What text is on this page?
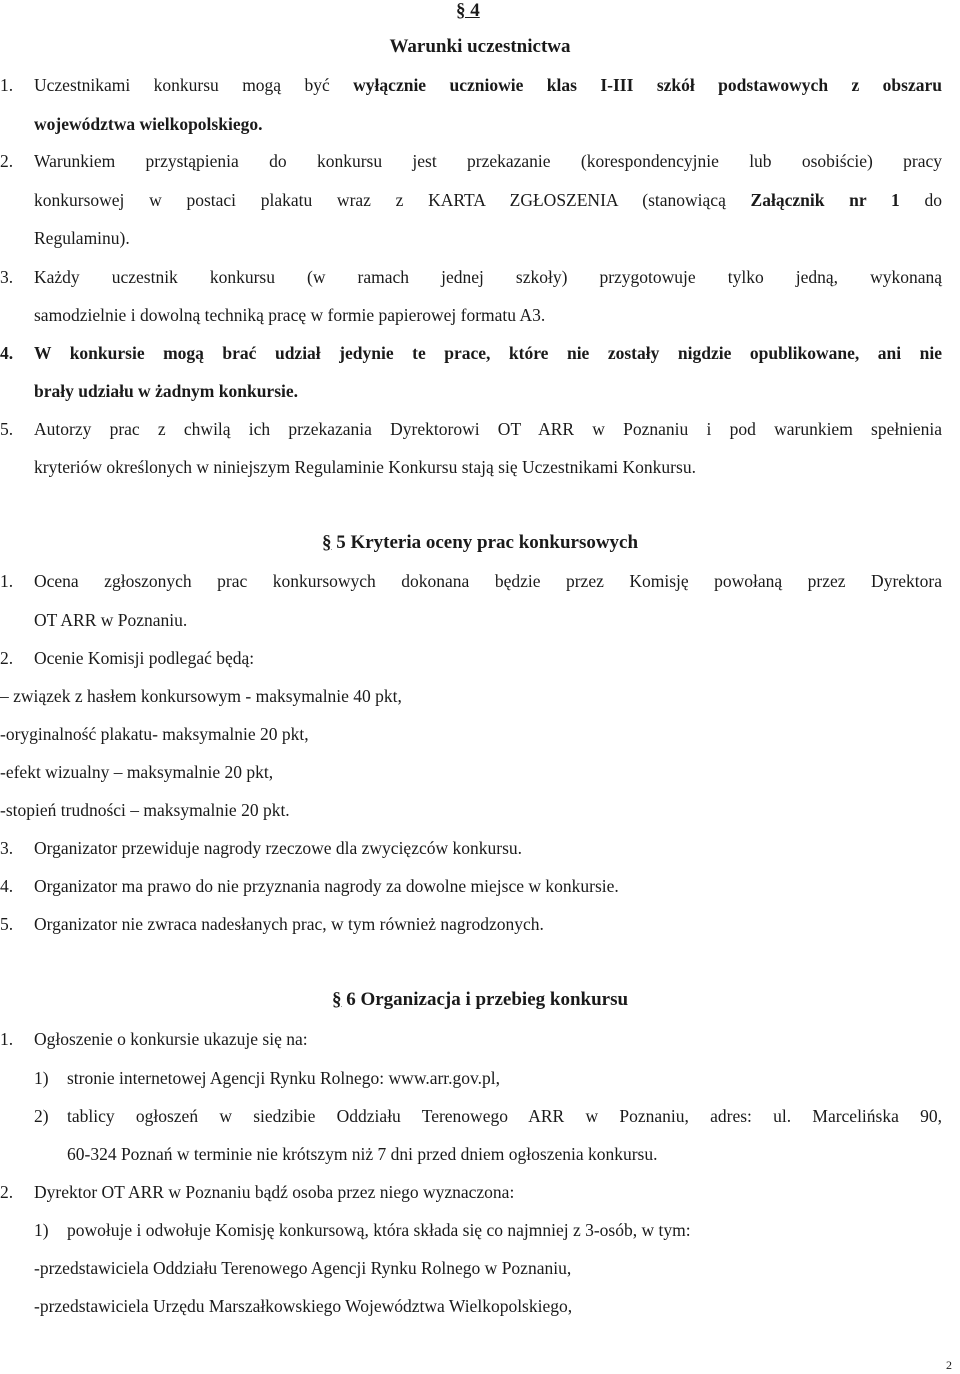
§ 4
Warunki uczestnictwa
1. Uczestnikami konkursu mogą być wyłącznie uczniowie klas I-III szkół podstawowych z obszaru
województwa wielkopolskiego.
2. Warunkiem przystąpienia do konkursu jest przekazanie (korespondencyjnie lub osobiście) pracy
konkursowej w postaci plakatu wraz z KARTA ZGŁOSZENIA (stanowiącą Załącznik nr 1 do
Regulaminu).
3. Każdy uczestnik konkursu (w ramach jednej szkoły) przygotowuje tylko jedną, wykonaną
samodzielnie i dowolną techniką pracę w formie papierowej formatu A3.
4. W konkursie mogą brać udział jedynie te prace, które nie zostały nigdzie opublikowane, ani nie
brały udziału w żadnym konkursie.
5. Autorzy prac z chwilą ich przekazania Dyrektorowi OT ARR w Poznaniu i pod warunkiem spełnienia
kryteriów określonych w niniejszym Regulaminie Konkursu stają się Uczestnikami Konkursu.
§ 5 Kryteria oceny prac konkursowych
1. Ocena zgłoszonych prac konkursowych dokonana będzie przez Komisję powołaną przez Dyrektora
OT ARR w Poznaniu.
2. Ocenie Komisji podlegać będą:
– związek z hasłem konkursowym - maksymalnie 40 pkt,
-oryginalność plakatu- maksymalnie 20 pkt,
-efekt wizualny – maksymalnie 20 pkt,
-stopień trudności – maksymalnie 20 pkt.
3. Organizator przewiduje nagrody rzeczowe dla zwycięzców konkursu.
4. Organizator ma prawo do nie przyznania nagrody za dowolne miejsce w konkursie.
5. Organizator nie zwraca nadesłanych prac, w tym również nagrodzonych.
§ 6 Organizacja i przebieg konkursu
1. Ogłoszenie o konkursie ukazuje się na:
1) stronie internetowej Agencji Rynku Rolnego: www.arr.gov.pl,
2) tablicy ogłoszeń w siedzibie Oddziału Terenowego ARR w Poznaniu, adres: ul. Marcelińska 90,
60-324 Poznań w terminie nie krótszym niż 7 dni przed dniem ogłoszenia konkursu.
2. Dyrektor OT ARR w Poznaniu bądź osoba przez niego wyznaczona:
1) powołuje i odwołuje Komisję konkursową, która składa się co najmniej z 3-osób, w tym:
-przedstawiciela Oddziału Terenowego Agencji Rynku Rolnego w Poznaniu,
-przedstawiciela Urzędu Marszałkowskiego Województwa Wielkopolskiego,
2
